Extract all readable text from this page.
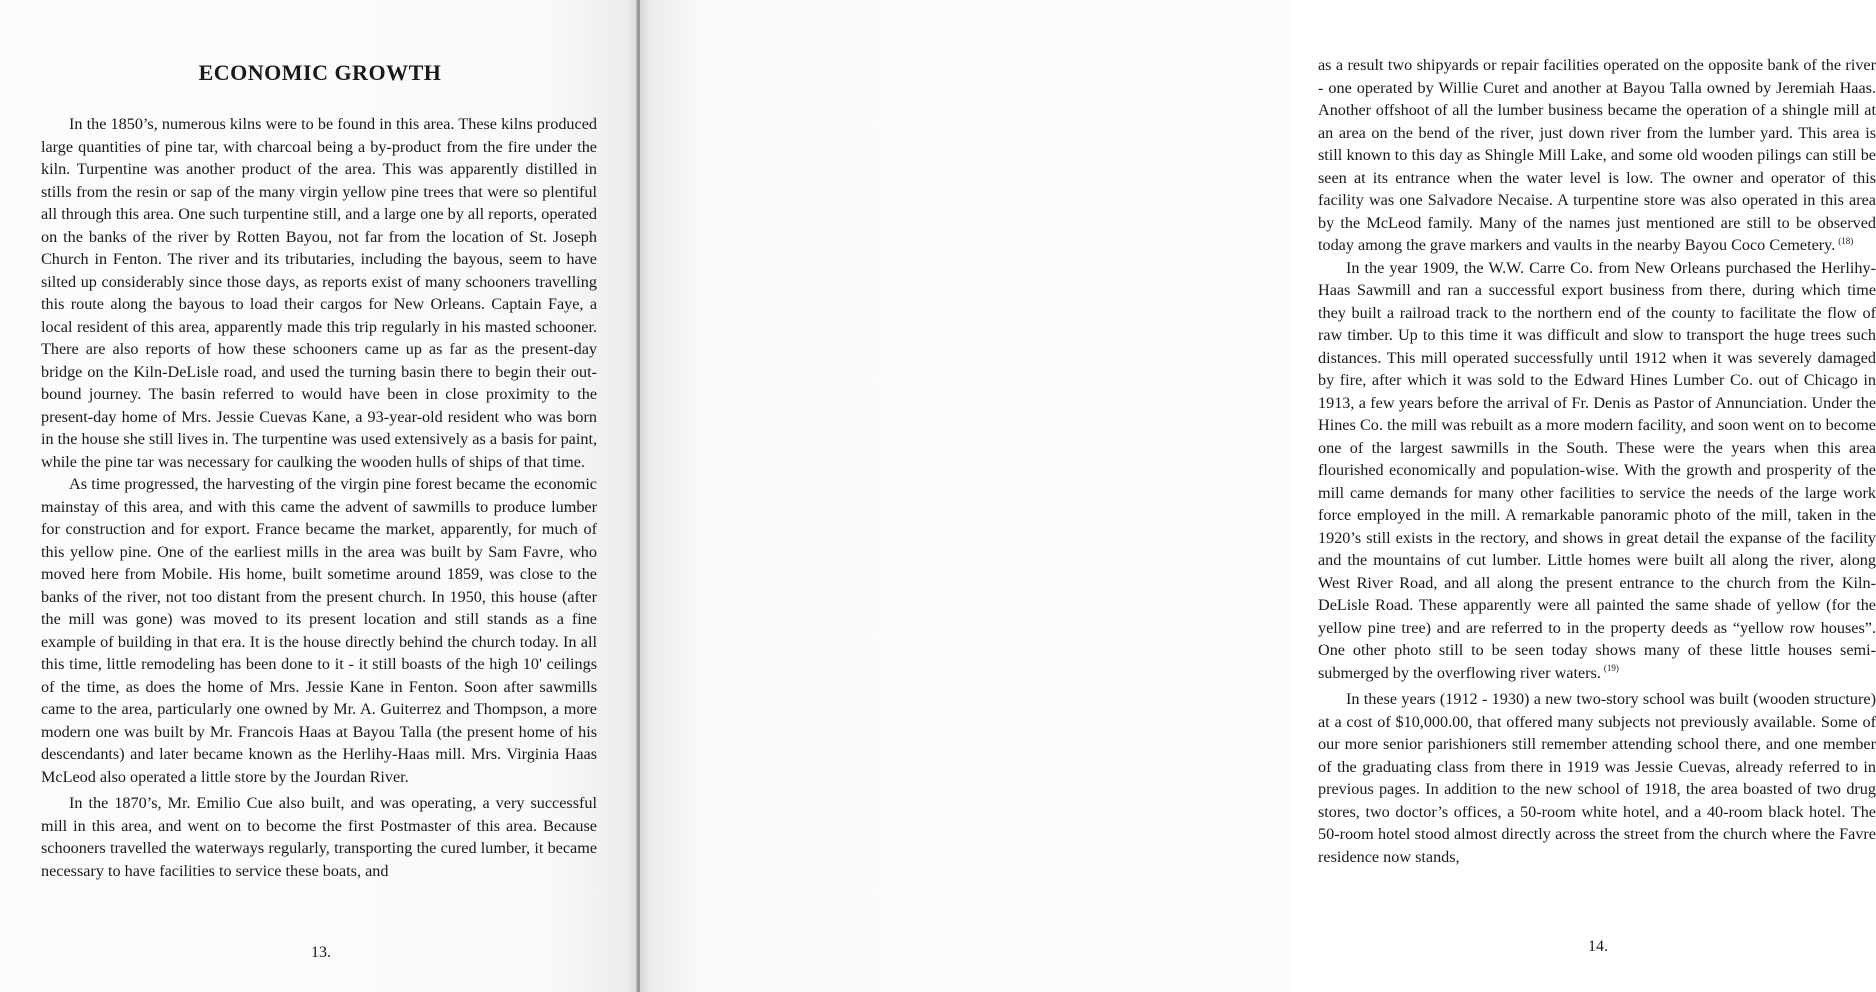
ECONOMIC GROWTH

In the 1850’s, numerous kilns were to be found in this area. These kilns produced large quantities of pine tar, with charcoal being a by-product from the fire under the kiln. Turpentine was another product of the area. This was apparently distilled in stills from the resin or sap of the many virgin yellow pine trees that were so plentiful all through this area. One such turpentine still, and a large one by all reports, operated on the banks of the river by Rotten Bayou, not far from the location of St. Joseph Church in Fenton. The river and its tributaries, including the bayous, seem to have silted up considerably since those days, as reports exist of many schooners travelling this route along the bayous to load their cargos for New Orleans. Captain Faye, a local resident of this area, apparently made this trip regularly in his masted schooner. There are also reports of how these schooners came up as far as the present-day bridge on the Kiln-DeLisle road, and used the turning basin there to begin their out-bound journey. The basin referred to would have been in close proximity to the present-day home of Mrs. Jessie Cuevas Kane, a 93-year-old resident who was born in the house she still lives in. The turpentine was used extensively as a basis for paint, while the pine tar was necessary for caulking the wooden hulls of ships of that time.

As time progressed, the harvesting of the virgin pine forest became the economic mainstay of this area, and with this came the advent of sawmills to produce lumber for construction and for export. France became the market, apparently, for much of this yellow pine. One of the earliest mills in the area was built by Sam Favre, who moved here from Mobile. His home, built sometime around 1859, was close to the banks of the river, not too distant from the present church. In 1950, this house (after the mill was gone) was moved to its present location and still stands as a fine example of building in that era. It is the house directly behind the church today. In all this time, little remodeling has been done to it - it still boasts of the high 10' ceilings of the time, as does the home of Mrs. Jessie Kane in Fenton. Soon after sawmills came to the area, particularly one owned by Mr. A. Guiterrez and Thompson, a more modern one was built by Mr. Francois Haas at Bayou Talla (the present home of his descendants) and later became known as the Herlihy-Haas mill. Mrs. Virginia Haas McLeod also operated a little store by the Jourdan River.

In the 1870’s, Mr. Emilio Cue also built, and was operating, a very successful mill in this area, and went on to become the first Postmaster of this area. Because schooners travelled the waterways regularly, transporting the cured lumber, it became necessary to have facilities to service these boats, and

13.

as a result two shipyards or repair facilities operated on the opposite bank of the river - one operated by Willie Curet and another at Bayou Talla owned by Jeremiah Haas. Another offshoot of all the lumber business became the operation of a shingle mill at an area on the bend of the river, just down river from the lumber yard. This area is still known to this day as Shingle Mill Lake, and some old wooden pilings can still be seen at its entrance when the water level is low. The owner and operator of this facility was one Salvadore Necaise. A turpentine store was also operated in this area by the McLeod family. Many of the names just mentioned are still to be observed today among the grave markers and vaults in the nearby Bayou Coco Cemetery. $^{(18)}$

In the year 1909, the W.W. Carre Co. from New Orleans purchased the Herlihy-Haas Sawmill and ran a successful export business from there, during which time they built a railroad track to the northern end of the county to facilitate the flow of raw timber. Up to this time it was difficult and slow to transport the huge trees such distances. This mill operated successfully until 1912 when it was severely damaged by fire, after which it was sold to the Edward Hines Lumber Co. out of Chicago in 1913, a few years before the arrival of Fr. Denis as Pastor of Annunciation. Under the Hines Co. the mill was rebuilt as a more modern facility, and soon went on to become one of the largest sawmills in the South. These were the years when this area flourished economically and population-wise. With the growth and prosperity of the mill came demands for many other facilities to service the needs of the large work force employed in the mill. A remarkable panoramic photo of the mill, taken in the 1920’s still exists in the rectory, and shows in great detail the expanse of the facility and the mountains of cut lumber. Little homes were built all along the river, along West River Road, and all along the present entrance to the church from the Kiln-DeLisle Road. These apparently were all painted the same shade of yellow (for the yellow pine tree) and are referred to in the property deeds as “yellow row houses”. One other photo still to be seen today shows many of these little houses semi-submerged by the overflowing river waters. $^{(19)}$

In these years (1912 - 1930) a new two-story school was built (wooden structure) at a cost of $10,000.00, that offered many subjects not previously available. Some of our more senior parishioners still remember attending school there, and one member of the graduating class from there in 1919 was Jessie Cuevas, already referred to in previous pages. In addition to the new school of 1918, the area boasted of two drug stores, two doctor’s offices, a 50-room white hotel, and a 40-room black hotel. The 50-room hotel stood almost directly across the street from the church where the Favre residence now stands,

14.
